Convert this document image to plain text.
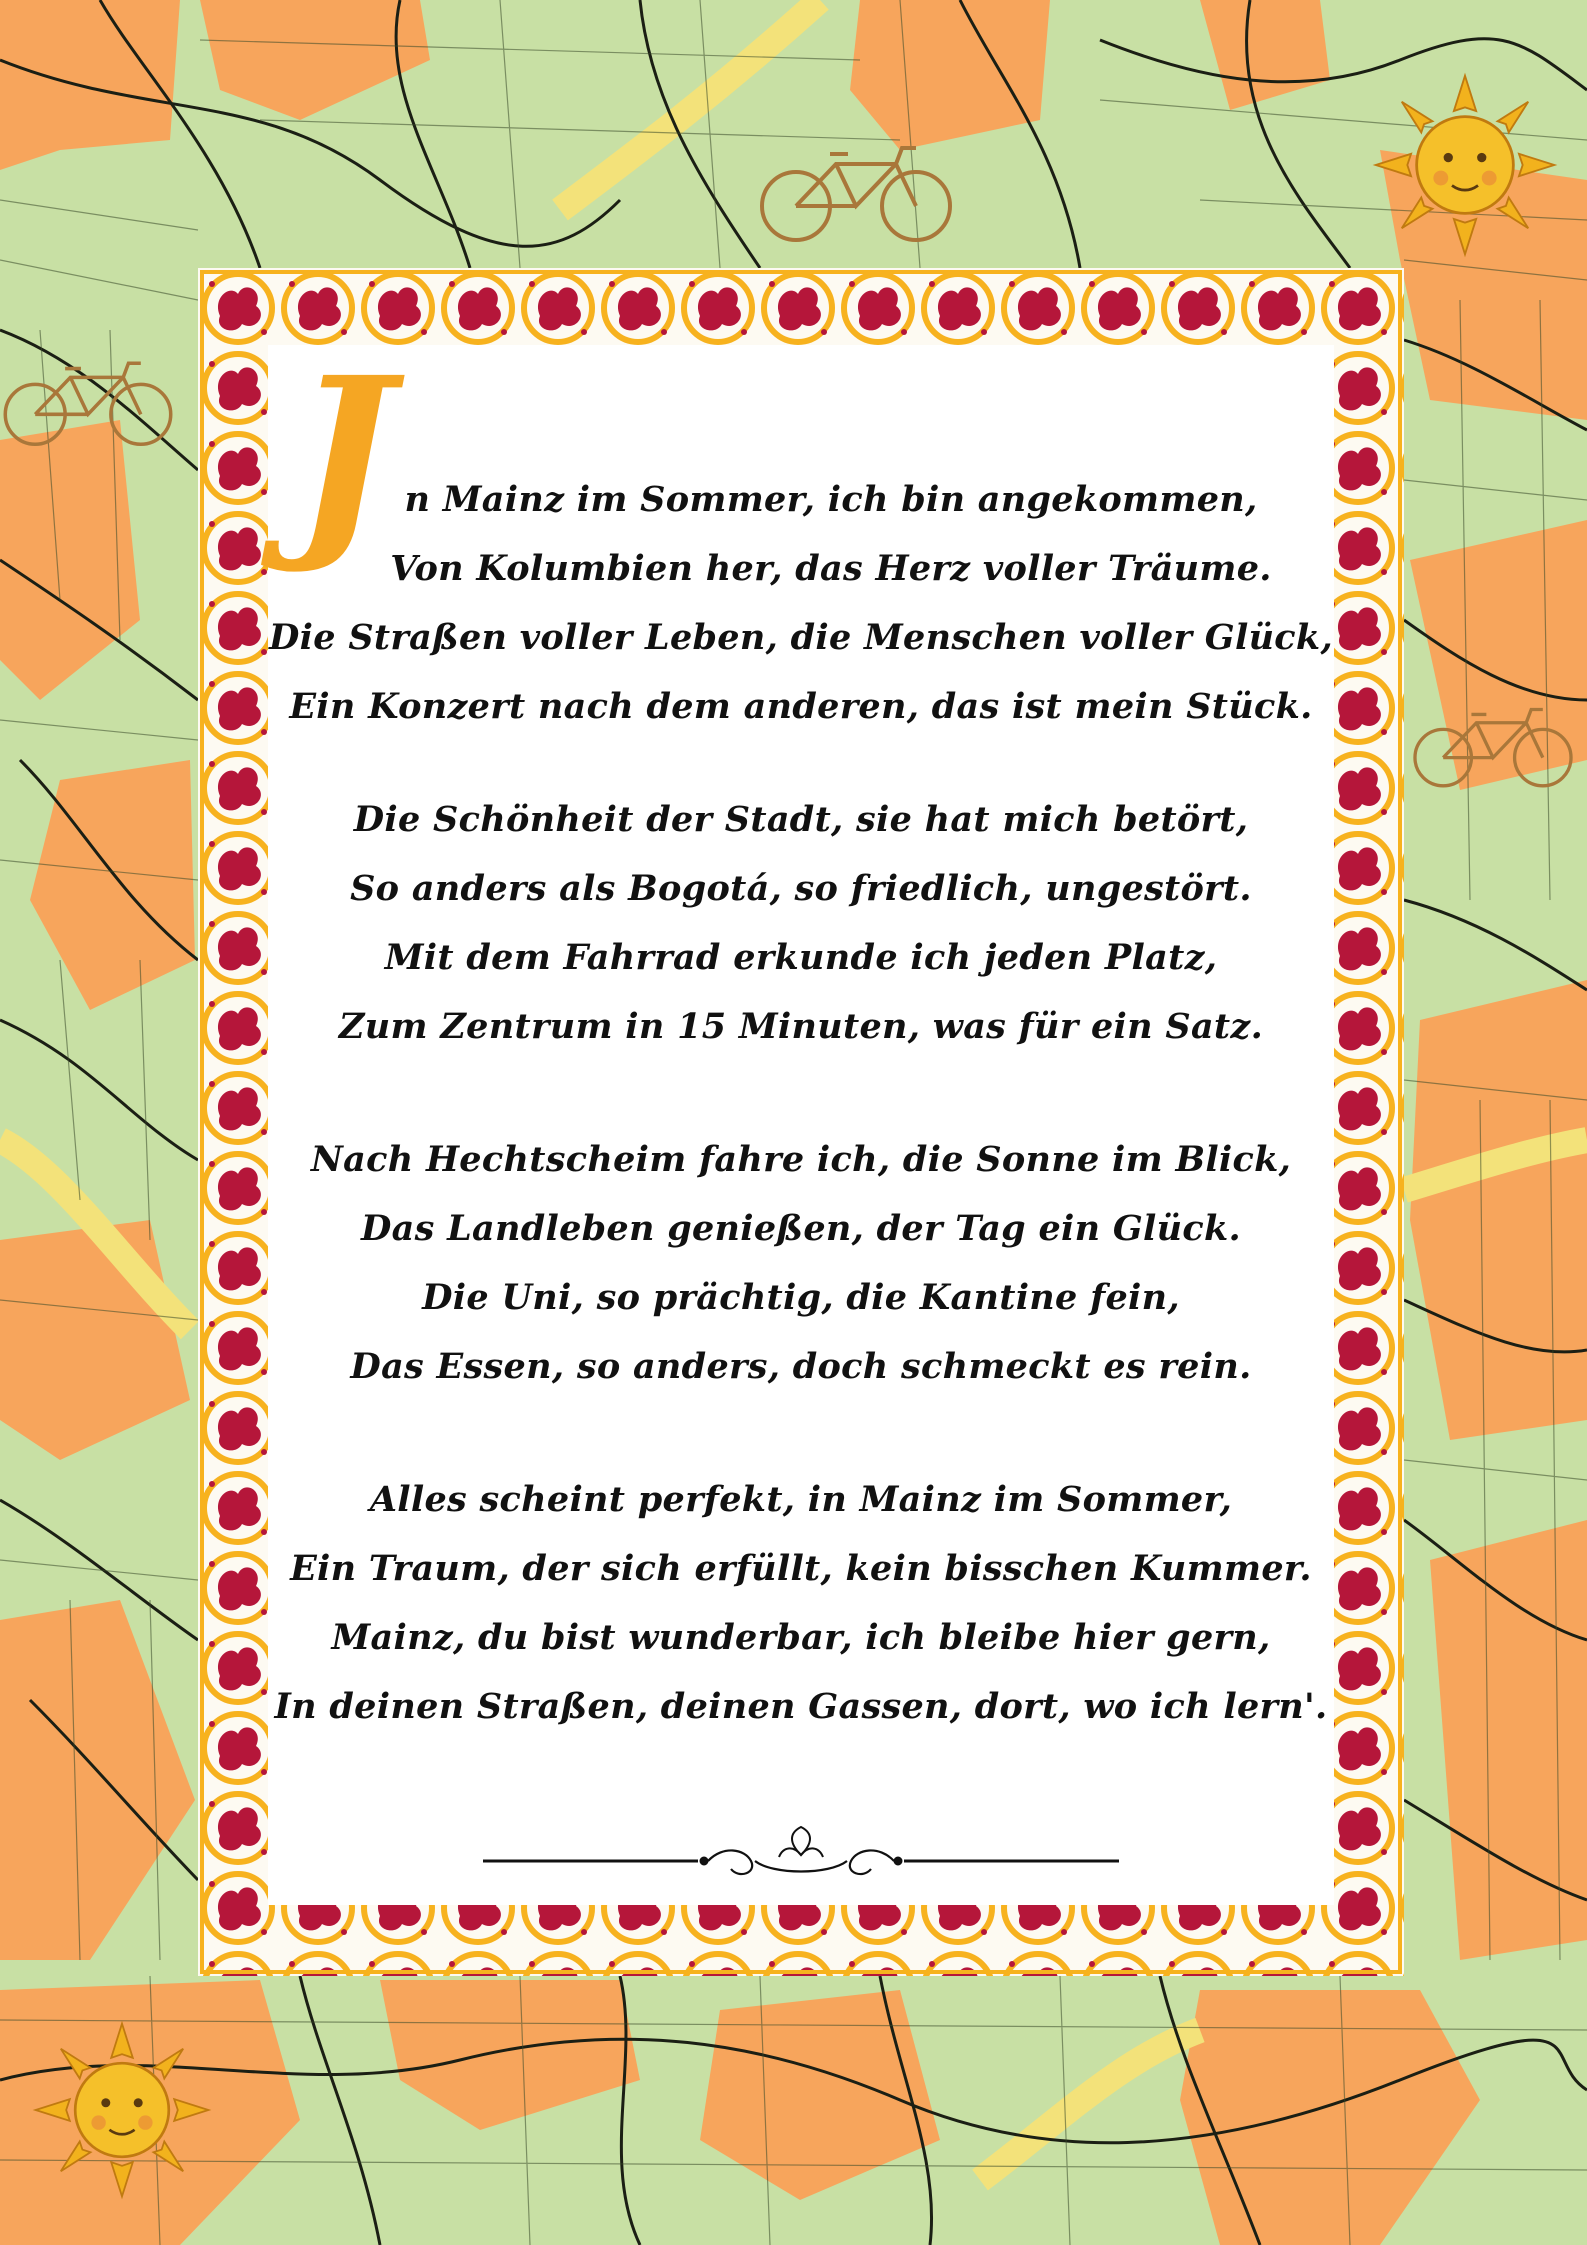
J n Mainz im Sommer, ich bin angekommen,
Von Kolumbien her, das Herz voller Träume.
Die Straßen voller Leben, die Menschen voller Glück,
Ein Konzert nach dem anderen, das ist mein Stück.
Die Schönheit der Stadt, sie hat mich betört,
So anders als Bogotá, so friedlich, ungestört.
Mit dem Fahrrad erkunde ich jeden Platz,
Zum Zentrum in 15 Minuten, was für ein Satz.
Nach Hechtscheim fahre ich, die Sonne im Blick,
Das Landleben genießen, der Tag ein Glück.
Die Uni, so prächtig, die Kantine fein,
Das Essen, so anders, doch schmeckt es rein.
Alles scheint perfekt, in Mainz im Sommer,
Ein Traum, der sich erfüllt, kein bisschen Kummer.
Mainz, du bist wunderbar, ich bleibe hier gern,
In deinen Straßen, deinen Gassen, dort, wo ich lern'.
